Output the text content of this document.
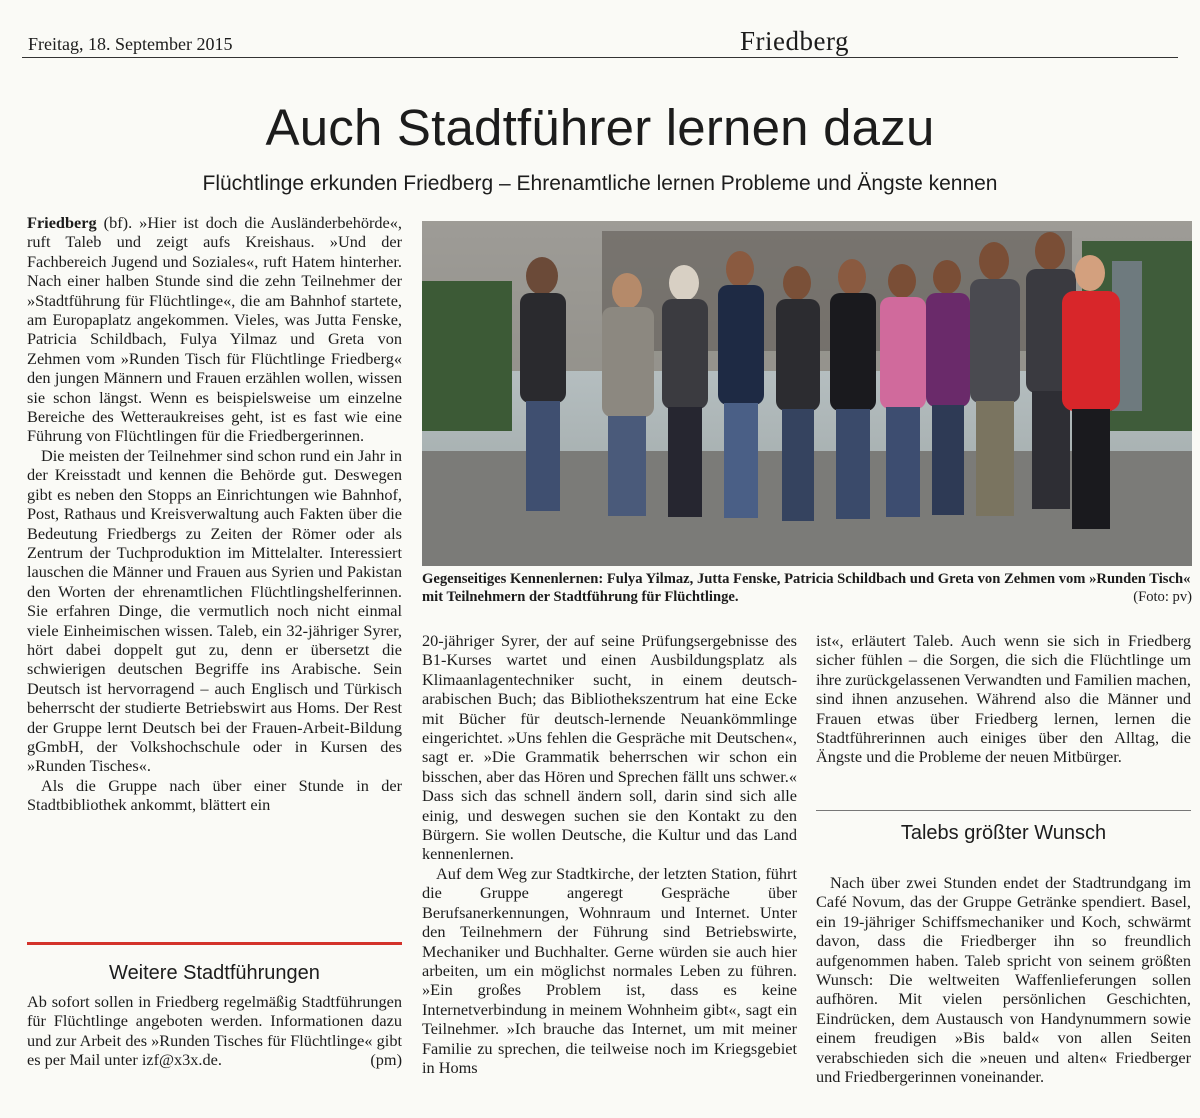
Freitag, 18. September 2015	Friedberg
Auch Stadtführer lernen dazu
Flüchtlinge erkunden Friedberg – Ehrenamtliche lernen Probleme und Ängste kennen

Friedberg (bf). »Hier ist doch die Ausländerbehörde«, ruft Taleb und zeigt aufs Kreishaus. »Und der Fachbereich Jugend und Soziales«, ruft Hatem hinterher. Nach einer halben Stunde sind die zehn Teilnehmer der »Stadtführung für Flüchtlinge«, die am Bahnhof startete, am Europaplatz angekommen. Vieles, was Jutta Fenske, Patricia Schildbach, Fulya Yilmaz und Greta von Zehmen vom »Runden Tisch für Flüchtlinge Friedberg« den jungen Männern und Frauen erzählen wollen, wissen sie schon längst. Wenn es beispielsweise um einzelne Bereiche des Wetteraukreises geht, ist es fast wie eine Führung von Flüchtlingen für die Friedbergerinnen.

Die meisten der Teilnehmer sind schon rund ein Jahr in der Kreisstadt und kennen die Behörde gut. Deswegen gibt es neben den Stopps an Einrichtungen wie Bahnhof, Post, Rathaus und Kreisverwaltung auch Fakten über die Bedeutung Friedbergs zu Zeiten der Römer oder als Zentrum der Tuchproduktion im Mittelalter. Interessiert lauschen die Männer und Frauen aus Syrien und Pakistan den Worten der ehrenamtlichen Flüchtlingshelferinnen. Sie erfahren Dinge, die vermutlich noch nicht einmal viele Einheimischen wissen. Taleb, ein 32-jähriger Syrer, hört dabei doppelt gut zu, denn er übersetzt die schwierigen deutschen Begriffe ins Arabische. Sein Deutsch ist hervorragend – auch Englisch und Türkisch beherrscht der studierte Betriebswirt aus Homs. Der Rest der Gruppe lernt Deutsch bei der Frauen-Arbeit-Bildung gGmbH, der Volkshochschule oder in Kursen des »Runden Tisches«.

Als die Gruppe nach über einer Stunde in der Stadtbibliothek ankommt, blättert ein

Gegenseitiges Kennenlernen: Fulya Yilmaz, Jutta Fenske, Patricia Schildbach und Greta von Zehmen vom »Runden Tisch« mit Teilnehmern der Stadtführung für Flüchtlinge.	(Foto: pv)

20-jähriger Syrer, der auf seine Prüfungsergebnisse des B1-Kurses wartet und einen Ausbildungsplatz als Klimaanlagentechniker sucht, in einem deutsch-arabischen Buch; das Bibliothekszentrum hat eine Ecke mit Bücher für deutsch-lernende Neuankömmlinge eingerichtet. »Uns fehlen die Gespräche mit Deutschen«, sagt er. »Die Grammatik beherrschen wir schon ein bisschen, aber das Hören und Sprechen fällt uns schwer.« Dass sich das schnell ändern soll, darin sind sich alle einig, und deswegen suchen sie den Kontakt zu den Bürgern. Sie wollen Deutsche, die Kultur und das Land kennenlernen.

Auf dem Weg zur Stadtkirche, der letzten Station, führt die Gruppe angeregt Gespräche über Berufsanerkennungen, Wohnraum und Internet. Unter den Teilnehmern der Führung sind Betriebswirte, Mechaniker und Buchhalter. Gerne würden sie auch hier arbeiten, um ein möglichst normales Leben zu führen. »Ein großes Problem ist, dass es keine Internetverbindung in meinem Wohnheim gibt«, sagt ein Teilnehmer. »Ich brauche das Internet, um mit meiner Familie zu sprechen, die teilweise noch im Kriegsgebiet in Homs

ist«, erläutert Taleb. Auch wenn sie sich in Friedberg sicher fühlen – die Sorgen, die sich die Flüchtlinge um ihre zurückgelassenen Verwandten und Familien machen, sind ihnen anzusehen. Während also die Männer und Frauen etwas über Friedberg lernen, lernen die Stadtführerinnen auch einiges über den Alltag, die Ängste und die Probleme der neuen Mitbürger.

Talebs größter Wunsch

Nach über zwei Stunden endet der Stadtrundgang im Café Novum, das der Gruppe Getränke spendiert. Basel, ein 19-jähriger Schiffsmechaniker und Koch, schwärmt davon, dass die Friedberger ihn so freundlich aufgenommen haben. Taleb spricht von seinem größten Wunsch: Die weltweiten Waffenlieferungen sollen aufhören. Mit vielen persönlichen Geschichten, Eindrücken, dem Austausch von Handynummern sowie einem freudigen »Bis bald« von allen Seiten verabschieden sich die »neuen und alten« Friedberger und Friedbergerinnen voneinander.

Weitere Stadtführungen

Ab sofort sollen in Friedberg regelmäßig Stadtführungen für Flüchtlinge angeboten werden. Informationen dazu und zur Arbeit des »Runden Tisches für Flüchtlinge« gibt es per Mail unter izf@x3x.de.	(pm)
